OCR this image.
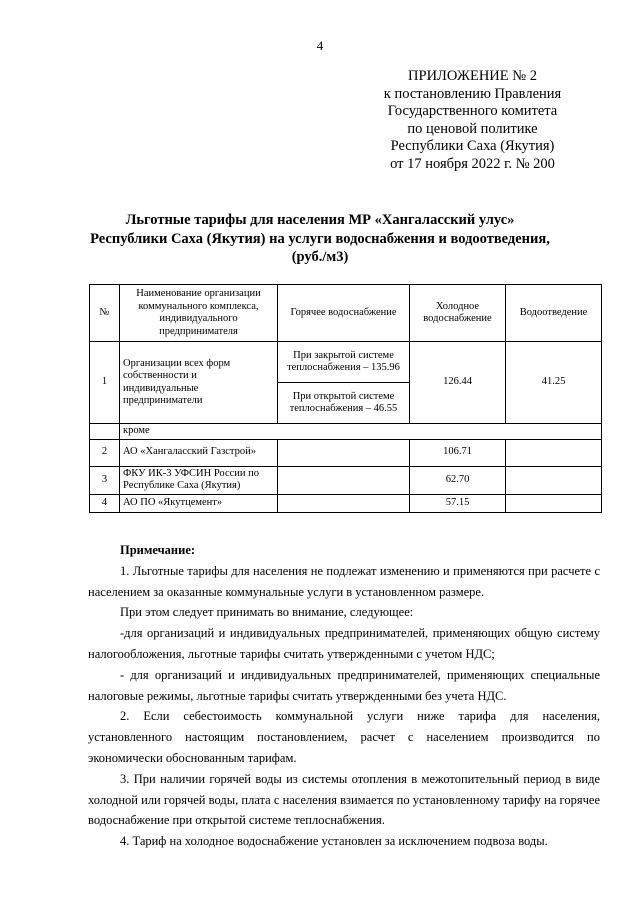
4
ПРИЛОЖЕНИЕ № 2
к постановлению Правления
Государственного комитета
по ценовой политике
Республики Саха (Якутия)
от 17 ноября 2022 г. № 200
Льготные тарифы для населения МР «Хангаласский улус»
Республики Саха (Якутия) на услуги водоснабжения и водоотведения,
(руб./м3)
№	Наименование организации коммунального комплекса, индивидуального предпринимателя	Горячее водоснабжение	Холодное водоснабжение	Водоотведение
1	Организации всех форм собственности и индивидуальные предприниматели	При закрытой системе теплоснабжения – 135.96	126.44	41.25
		При открытой системе теплоснабжения – 46.55		
	кроме			
2	АО «Хангаласский Газстрой»		106.71	
3	ФКУ ИК-3 УФСИН России по Республике Саха (Якутия)		62.70	
4	АО ПО «Якутцемент»		57.15	

Примечание:

1. Льготные тарифы для населения не подлежат изменению и применяются при расчете с населением за оказанные коммунальные услуги в установленном размере.

При этом следует принимать во внимание, следующее:

-для организаций и индивидуальных предпринимателей, применяющих общую систему налогообложения, льготные тарифы считать утвержденными с учетом НДС;

- для организаций и индивидуальных предпринимателей, применяющих специальные налоговые режимы, льготные тарифы считать утвержденными без учета НДС.

2. Если себестоимость коммунальной услуги ниже тарифа для населения, установленного настоящим постановлением, расчет с населением производится по экономически обоснованным тарифам.

3. При наличии горячей воды из системы отопления в межотопительный период в виде холодной или горячей воды, плата с населения взимается по установленному тарифу на горячее водоснабжение при открытой системе теплоснабжения.

4. Тариф на холодное водоснабжение установлен за исключением подвоза воды.
